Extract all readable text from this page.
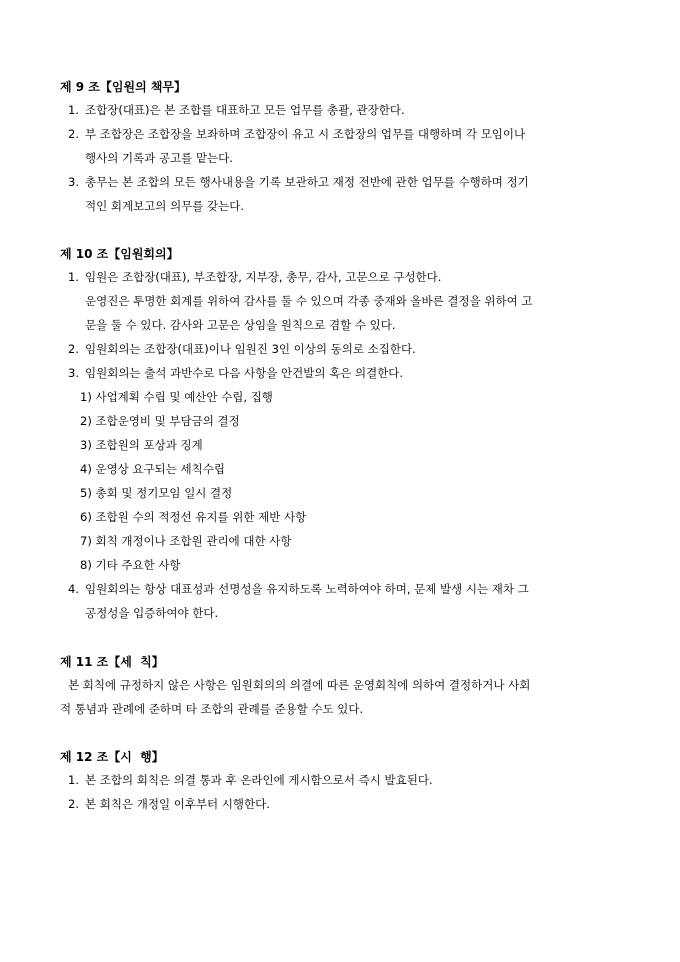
제 9 조【임원의 책무】
1. 조합장(대표)은 본 조합를 대표하고 모든 업무를 총괄, 관장한다.
2. 부 조합장은 조합장을 보좌하며 조합장이 유고 시 조합장의 업무를 대행하며 각 모임이나
행사의 기록과 공고를 맡는다.
3. 총무는 본 조합의 모든 행사내용을 기록 보관하고 재정 전반에 관한 업무를 수행하며 정기
적인 회계보고의 의무를 갖는다.
제 10 조【임원회의】
1. 임원은 조합장(대표), 부조합장, 지부장, 총무, 감사, 고문으로 구성한다.
운영진은 투명한 회계를 위하여 감사를 둘 수 있으며 각종 중재와 올바른 결정을 위하여 고
문을 둘 수 있다. 감사와 고문은 상임을 원칙으로 겸할 수 있다.
2. 임원회의는 조합장(대표)이나 임원진 3인 이상의 동의로 소집한다.
3. 임원회의는 출석 과반수로 다음 사항을 안건발의 혹은 의결한다.
1) 사업계획 수립 및 예산안 수립, 집행
2) 조합운영비 및 부담금의 결정
3) 조합원의 포상과 징계
4) 운영상 요구되는 세칙수립
5) 총회 및 정기모임 일시 결정
6) 조합원 수의 적정선 유지를 위한 제반 사항
7) 회칙 개정이나 조합원 관리에 대한 사항
8) 기타 주요한 사항
4. 임원회의는 항상 대표성과 선명성을 유지하도록 노력하여야 하며, 문제 발생 시는 재차 그
공정성을 입증하여야 한다.
제 11 조【세  칙】
본 회칙에 규정하지 않은 사항은 임원회의의 의결에 따른 운영회칙에 의하여 결정하거나 사회
적 통념과 관례에 준하며 타 조합의 관례를 준용할 수도 있다.
제 12 조【시  행】
1. 본 조합의 회칙은 의결 통과 후 온라인에 게시함으로서 즉시 발효된다.
2. 본 회칙은 개정일 이후부터 시행한다.
